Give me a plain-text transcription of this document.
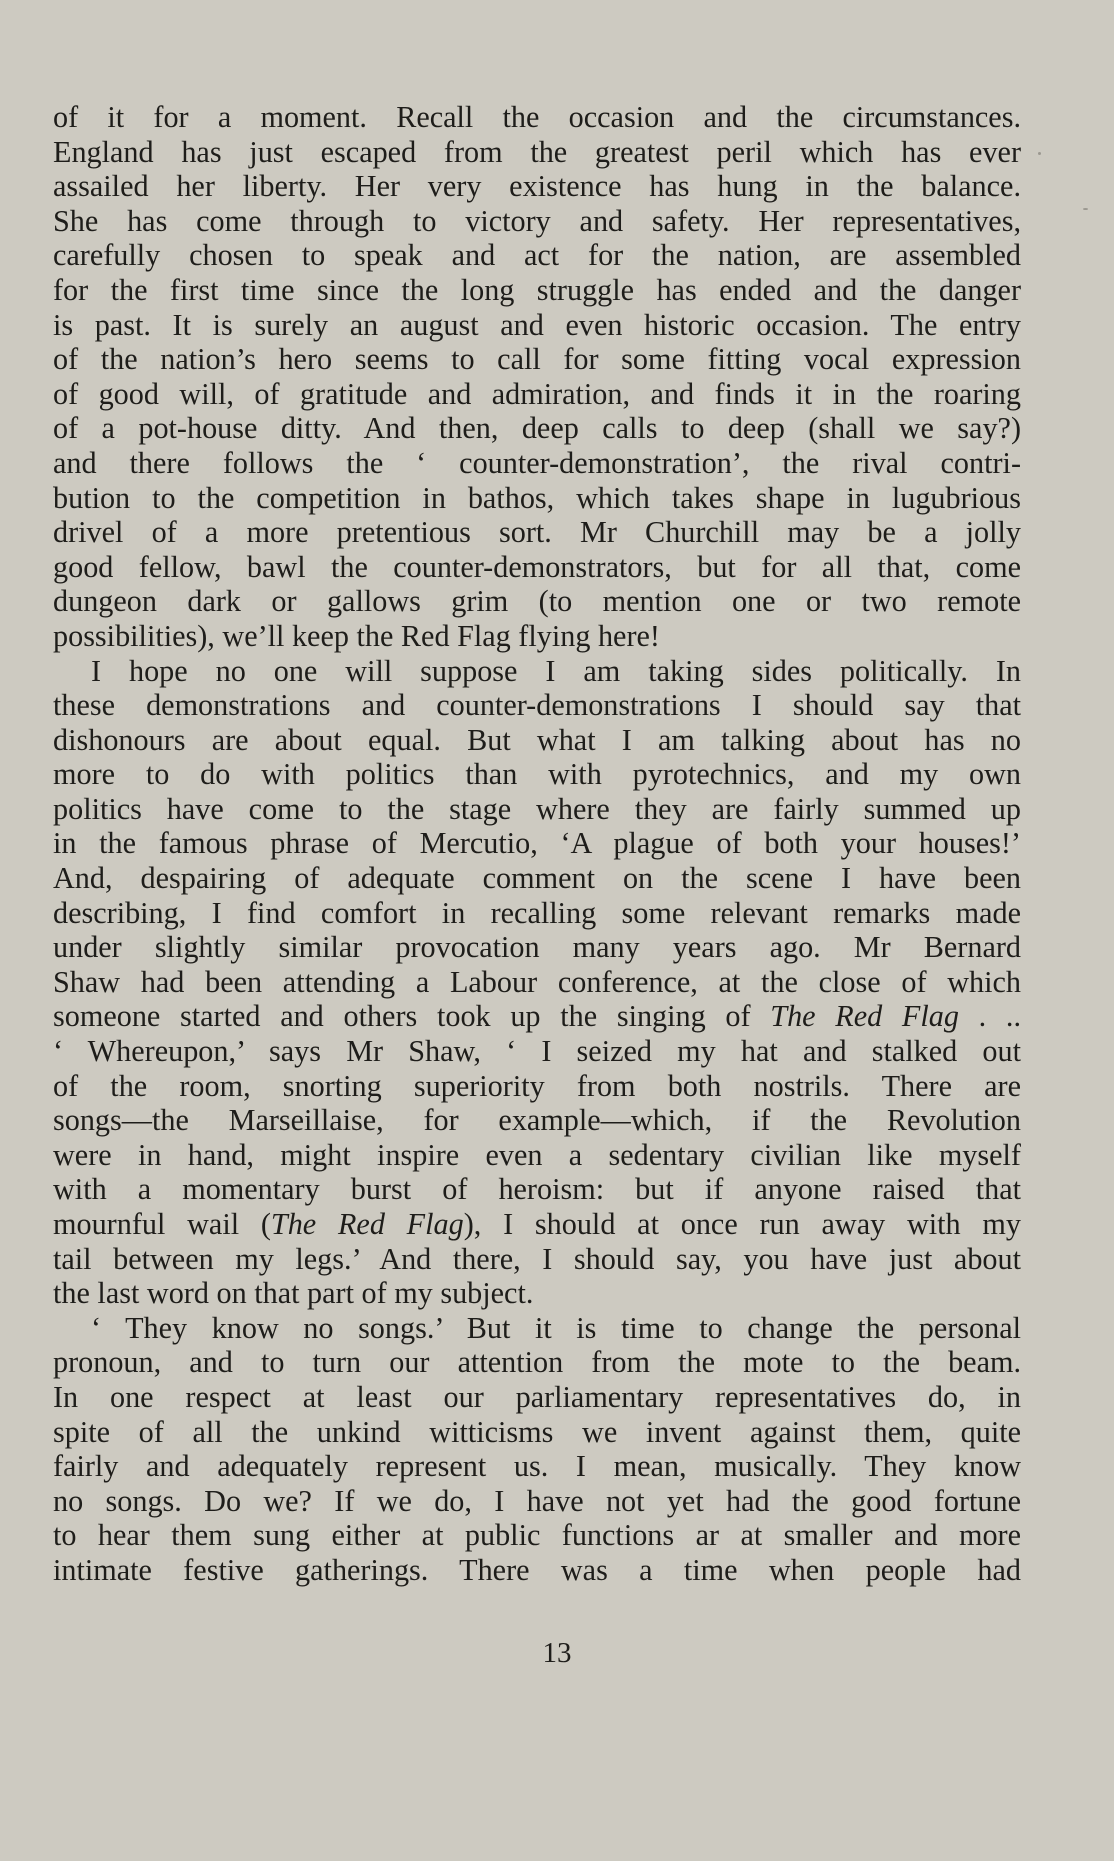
of it for a moment. Recall the occasion and the circumstances.
England has just escaped from the greatest peril which has ever
assailed her liberty. Her very existence has hung in the balance.
She has come through to victory and safety. Her representatives,
carefully chosen to speak and act for the nation, are assembled
for the first time since the long struggle has ended and the danger
is past. It is surely an august and even historic occasion. The entry
of the nation’s hero seems to call for some fitting vocal expression
of good will, of gratitude and admiration, and finds it in the roaring
of a pot-house ditty. And then, deep calls to deep (shall we say?)
and there follows the ‘ counter-demonstration’, the rival contri-
bution to the competition in bathos, which takes shape in lugubrious
drivel of a more pretentious sort. Mr Churchill may be a jolly
good fellow, bawl the counter-demonstrators, but for all that, come
dungeon dark or gallows grim (to mention one or two remote
possibilities), we’ll keep the Red Flag flying here!
I hope no one will suppose I am taking sides politically. In
these demonstrations and counter-demonstrations I should say that
dishonours are about equal. But what I am talking about has no
more to do with politics than with pyrotechnics, and my own
politics have come to the stage where they are fairly summed up
in the famous phrase of Mercutio, ‘A plague of both your houses!’
And, despairing of adequate comment on the scene I have been
describing, I find comfort in recalling some relevant remarks made
under slightly similar provocation many years ago. Mr Bernard
Shaw had been attending a Labour conference, at the close of which
someone started and others took up the singing of The Red Flag . ..
‘ Whereupon,’ says Mr Shaw, ‘ I seized my hat and stalked out
of the room, snorting superiority from both nostrils. There are
songs—the Marseillaise, for example—which, if the Revolution
were in hand, might inspire even a sedentary civilian like myself
with a momentary burst of heroism: but if anyone raised that
mournful wail (The Red Flag), I should at once run away with my
tail between my legs.’ And there, I should say, you have just about
the last word on that part of my subject.
‘ They know no songs.’ But it is time to change the personal
pronoun, and to turn our attention from the mote to the beam.
In one respect at least our parliamentary representatives do, in
spite of all the unkind witticisms we invent against them, quite
fairly and adequately represent us. I mean, musically. They know
no songs. Do we? If we do, I have not yet had the good fortune
to hear them sung either at public functions ar at smaller and more
intimate festive gatherings. There was a time when people had
13
